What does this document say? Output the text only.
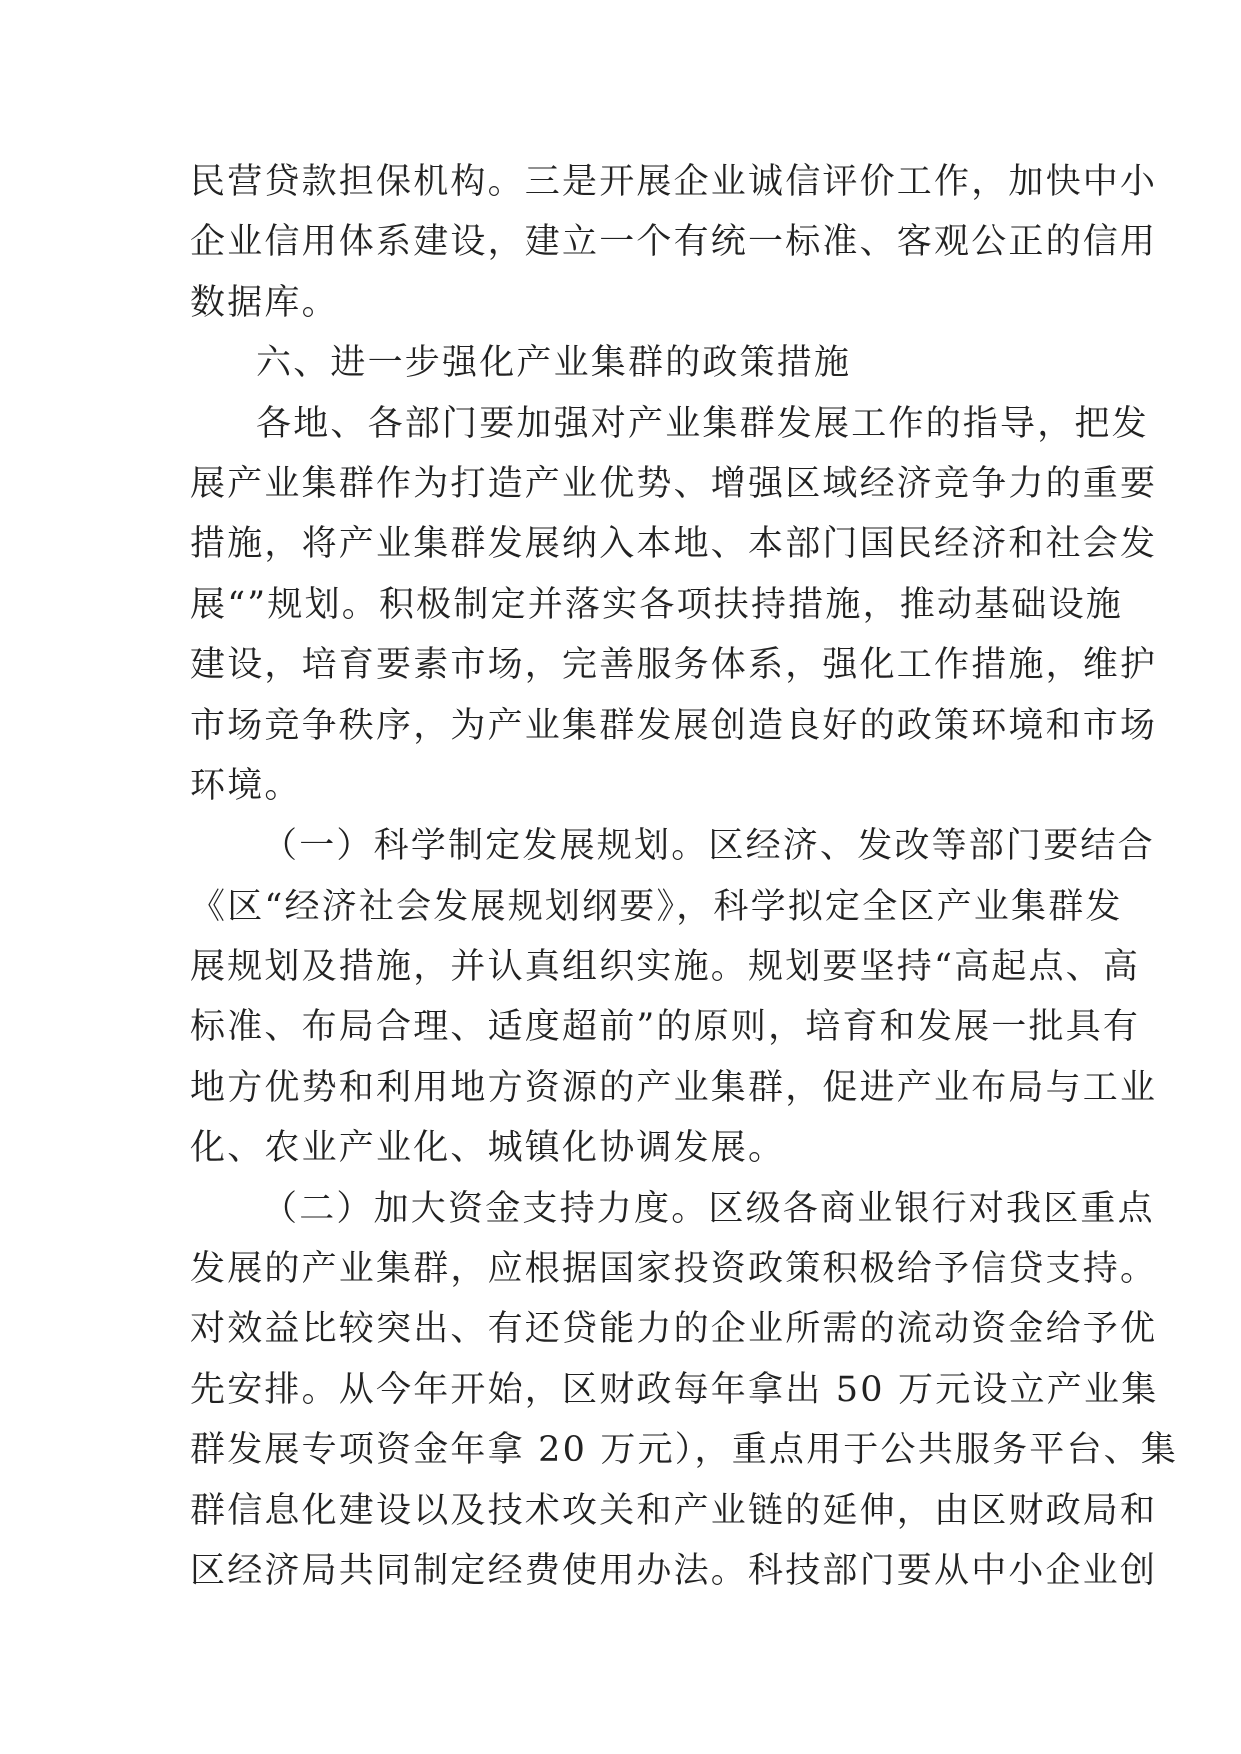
民营贷款担保机构。三是开展企业诚信评价工作，加快中小
企业信用体系建设，建立一个有统一标准、客观公正的信用
数据库。
六、进一步强化产业集群的政策措施
各地、各部门要加强对产业集群发展工作的指导，把发
展产业集群作为打造产业优势、增强区域经济竞争力的重要
措施，将产业集群发展纳入本地、本部门国民经济和社会发
展“”规划。积极制定并落实各项扶持措施，推动基础设施
建设，培育要素市场，完善服务体系，强化工作措施，维护
市场竞争秩序，为产业集群发展创造良好的政策环境和市场
环境。
（一）科学制定发展规划。区经济、发改等部门要结合
《区“经济社会发展规划纲要》，科学拟定全区产业集群发
展规划及措施，并认真组织实施。规划要坚持“高起点、高
标准、布局合理、适度超前”的原则，培育和发展一批具有
地方优势和利用地方资源的产业集群，促进产业布局与工业
化、农业产业化、城镇化协调发展。
（二）加大资金支持力度。区级各商业银行对我区重点
发展的产业集群，应根据国家投资政策积极给予信贷支持。
对效益比较突出、有还贷能力的企业所需的流动资金给予优
先安排。从今年开始，区财政每年拿出 50 万元设立产业集
群发展专项资金年拿 20 万元），重点用于公共服务平台、集
群信息化建设以及技术攻关和产业链的延伸，由区财政局和
区经济局共同制定经费使用办法。科技部门要从中小企业创
